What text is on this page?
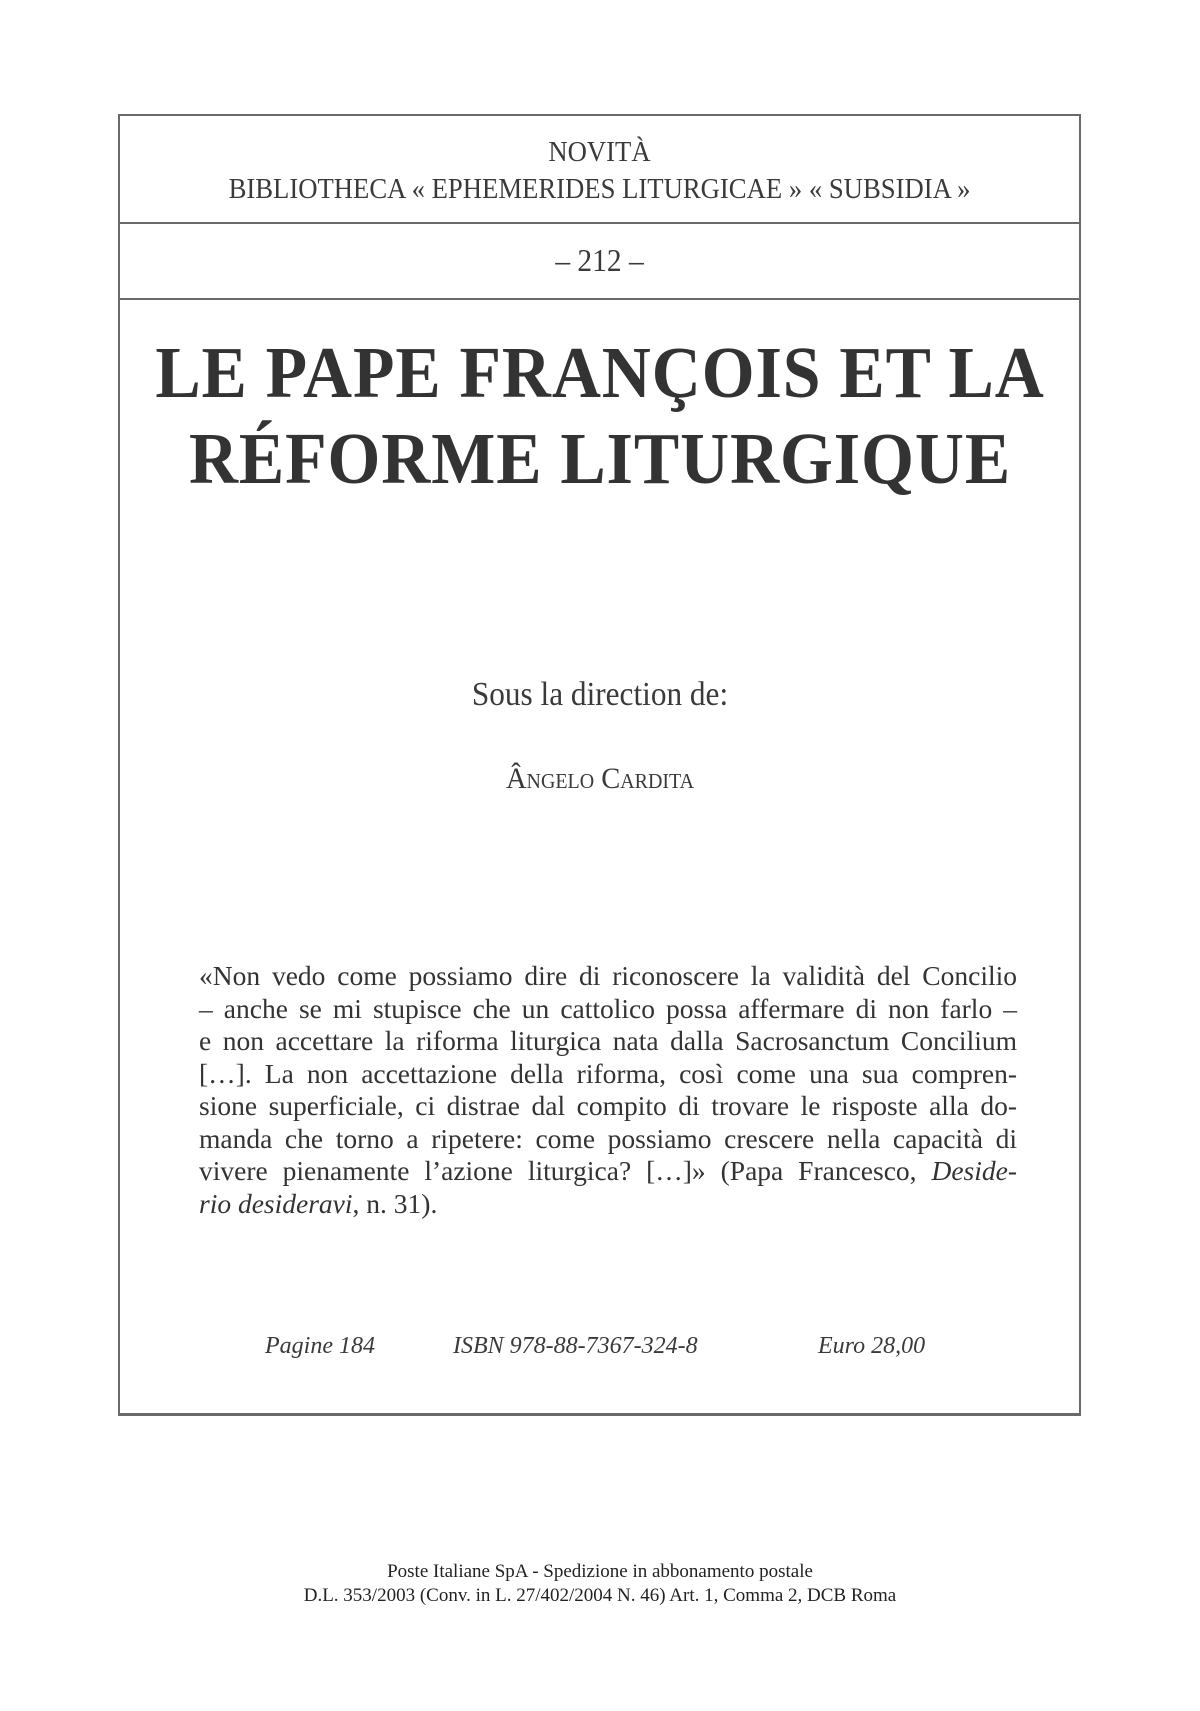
NOVITÀ
BIBLIOTHECA « EPHEMERIDES LITURGICAE » « SUBSIDIA »
– 212 –
LE PAPE FRANÇOIS ET LA
RÉFORME LITURGIQUE
Sous la direction de:
Ângelo Cardita
«Non vedo come possiamo dire di riconoscere la validità del Concilio
– anche se mi stupisce che un cattolico possa affermare di non farlo –
e non accettare la riforma liturgica nata dalla Sacrosanctum Concilium
[…]. La non accettazione della riforma, così come una sua compren-
sione superficiale, ci distrae dal compito di trovare le risposte alla do-
manda che torno a ripetere: come possiamo crescere nella capacità di
vivere pienamente l’azione liturgica? […]» (Papa Francesco, Deside-
rio desideravi, n. 31).
Pagine 184	ISBN 978-88-7367-324-8	Euro 28,00
Poste Italiane SpA - Spedizione in abbonamento postale
D.L. 353/2003 (Conv. in L. 27/402/2004 N. 46) Art. 1, Comma 2, DCB Roma
